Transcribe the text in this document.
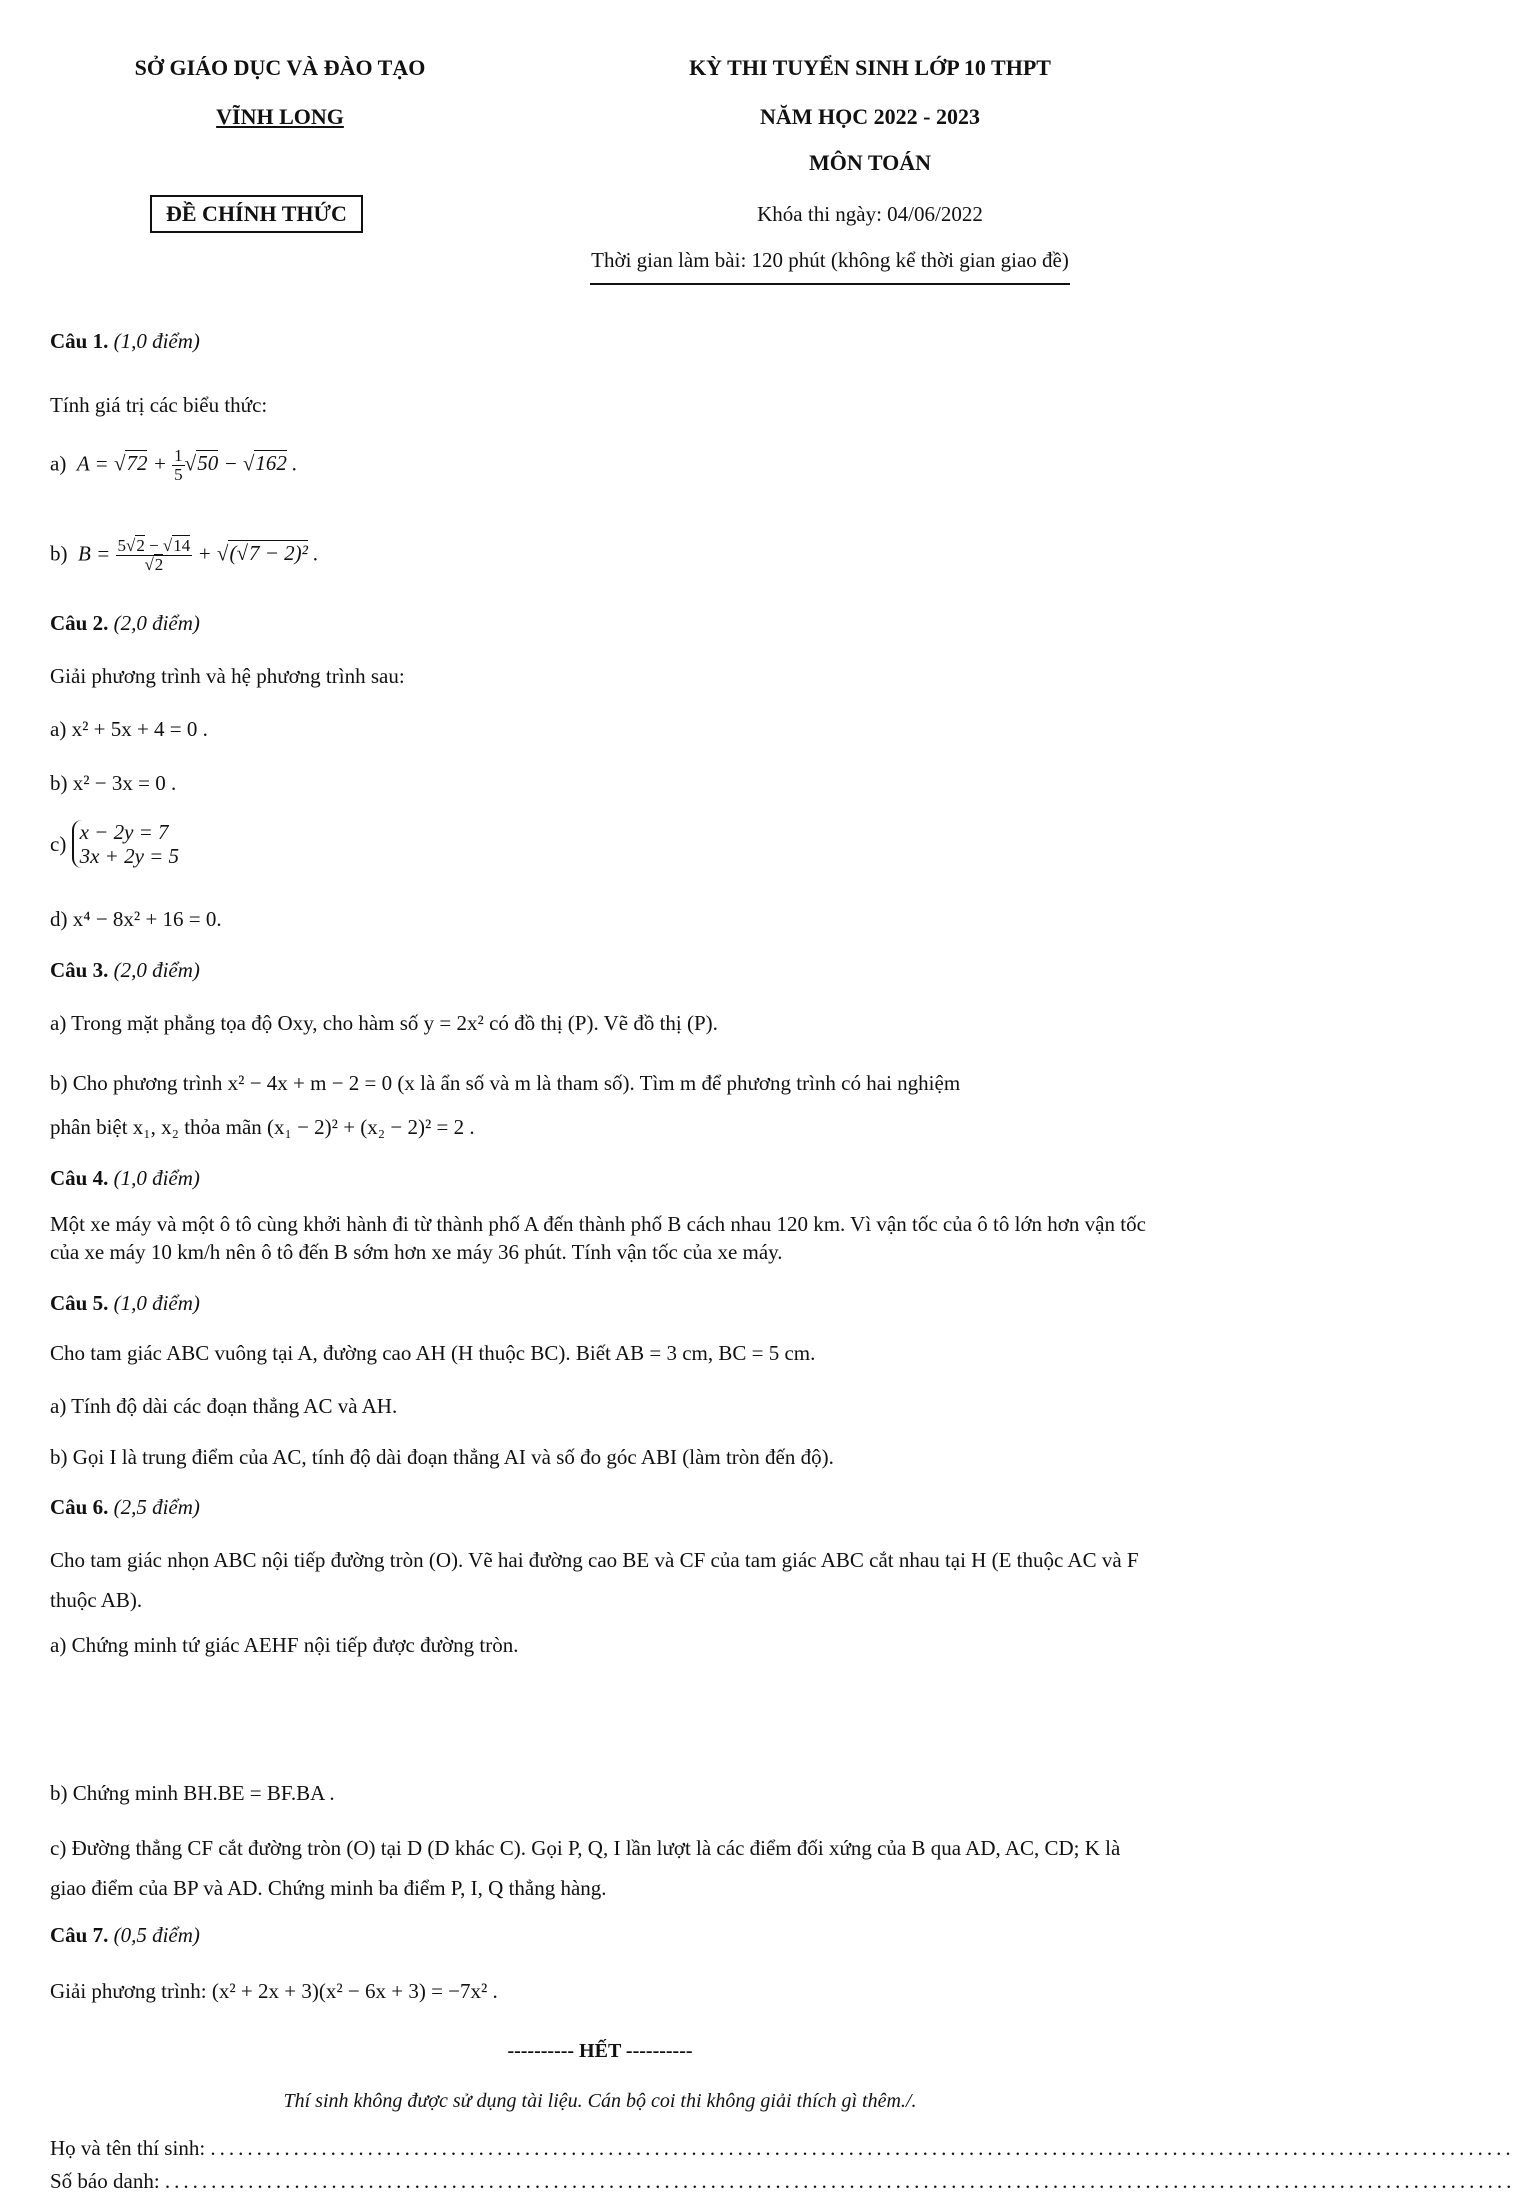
SỞ GIÁO DỤC VÀ ĐÀO TẠO
VĨNH LONG
ĐỀ CHÍNH THỨC
KỲ THI TUYỂN SINH LỚP 10 THPT
NĂM HỌC 2022 - 2023
MÔN TOÁN
Khóa thi ngày: 04/06/2022
Thời gian làm bài: 120 phút (không kể thời gian giao đề)
Câu 1. (1,0 điểm)
Tính giá trị các biểu thức:
a)  $A = √72 + \frac{1}{5} √50 - √162$ .
b)  $B = \frac{5√2 - √14}{√2} + √(√7 - 2)^2$ .
Câu 2. (2,0 điểm)
Giải phương trình và hệ phương trình sau:
a) x² + 5x + 4 = 0 .
b) x² − 3x = 0 .
c) x − 2y = 7
3x + 2y = 5
d) x⁴ − 8x² + 16 = 0.
Câu 3. (2,0 điểm)
a) Trong mặt phẳng tọa độ Oxy, cho hàm số y = 2x² có đồ thị (P). Vẽ đồ thị (P).
b) Cho phương trình x² − 4x + m − 2 = 0 (x là ẩn số và m là tham số). Tìm m để phương trình có hai nghiệm
phân biệt x₁, x₂ thỏa mãn (x₁ − 2)² + (x₂ − 2)² = 2 .
Câu 4. (1,0 điểm)
Một xe máy và một ô tô cùng khởi hành đi từ thành phố A đến thành phố B cách nhau 120 km. Vì vận tốc của ô tô lớn hơn vận tốc của xe máy 10 km/h nên ô tô đến B sớm hơn xe máy 36 phút. Tính vận tốc của xe máy.
Câu 5. (1,0 điểm)
Cho tam giác ABC vuông tại A, đường cao AH (H thuộc BC). Biết AB = 3 cm, BC = 5 cm.
a) Tính độ dài các đoạn thẳng AC và AH.
b) Gọi I là trung điểm của AC, tính độ dài đoạn thẳng AI và số đo góc ABI (làm tròn đến độ).
Câu 6. (2,5 điểm)
Cho tam giác nhọn ABC nội tiếp đường tròn (O). Vẽ hai đường cao BE và CF của tam giác ABC cắt nhau tại H (E thuộc AC và F thuộc AB).
a) Chứng minh tứ giác AEHF nội tiếp được đường tròn.
b) Chứng minh BH.BE = BF.BA .
c) Đường thẳng CF cắt đường tròn (O) tại D (D khác C). Gọi P, Q, I lần lượt là các điểm đối xứng của B qua AD, AC, CD; K là giao điểm của BP và AD. Chứng minh ba điểm P, I, Q thẳng hàng.
Câu 7. (0,5 điểm)
Giải phương trình: (x² + 2x + 3)(x² − 6x + 3) = −7x² .
---------- HẾT ----------
Thí sinh không được sử dụng tài liệu. Cán bộ coi thi không giải thích gì thêm./.
Họ và tên thí sinh: .............................................................................................................................................
Số báo danh: ..................................................................................................................................................
